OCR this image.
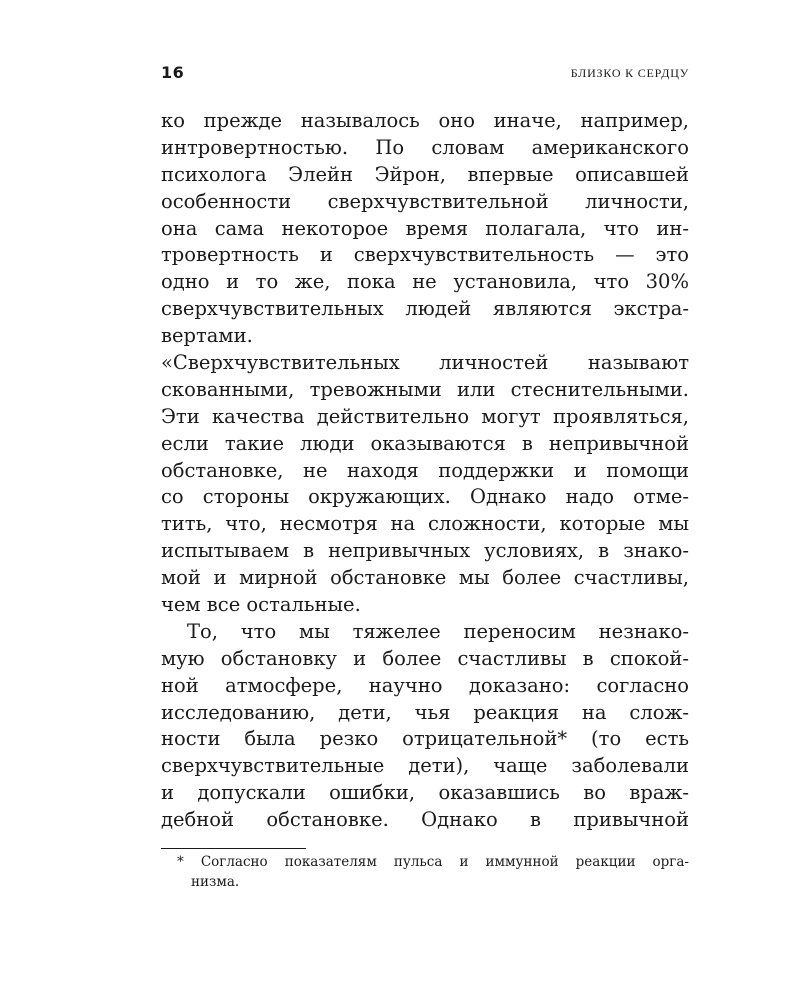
16	БЛИЗКО К СЕРДЦУ
ко прежде называлось оно иначе, например,
интровертностью. По словам американского
психолога Элейн Эйрон, впервые описавшей
особенности сверхчувствительной личности,
она сама некоторое время полагала, что ин-
тровертность и сверхчувствительность — это
одно и то же, пока не установила, что 30%
сверхчувствительных людей являются экстра-
вертами.
«Сверхчувствительных личностей называют
скованными, тревожными или стеснительными.
Эти качества действительно могут проявляться,
если такие люди оказываются в непривычной
обстановке, не находя поддержки и помощи
со стороны окружающих. Однако надо отме-
тить, что, несмотря на сложности, которые мы
испытываем в непривычных условиях, в знако-
мой и мирной обстановке мы более счастливы,
чем все остальные.
То, что мы тяжелее переносим незнако-
мую обстановку и более счастливы в спокой-
ной атмосфере, научно доказано: согласно
исследованию, дети, чья реакция на слож-
ности была резко отрицательной* (то есть
сверхчувствительные дети), чаще заболевали
и допускали ошибки, оказавшись во враж-
дебной обстановке. Однако в привычной
* Согласно показателям пульса и иммунной реакции орга-
низма.
